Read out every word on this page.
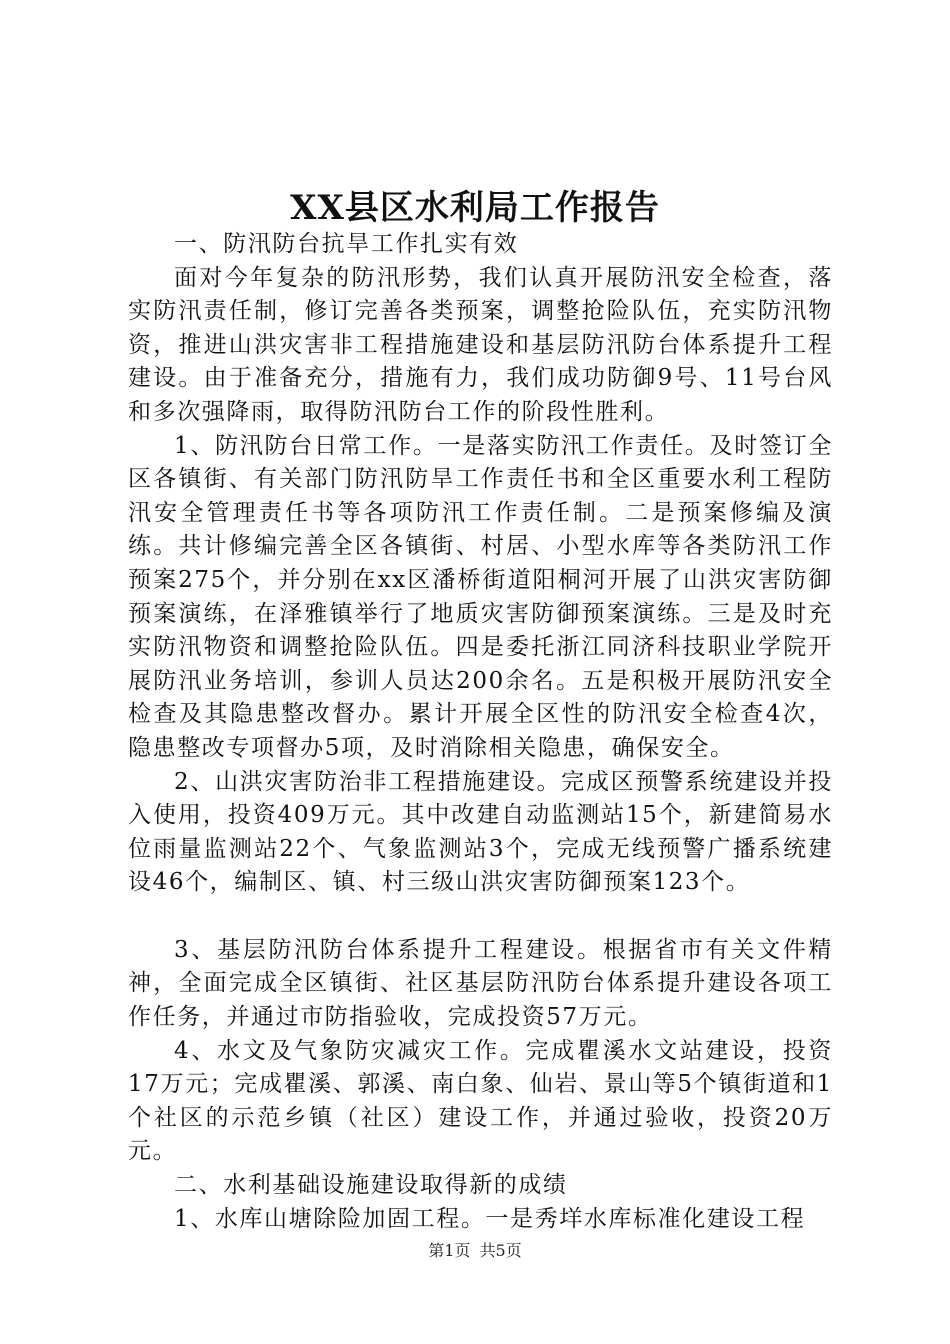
XX县区水利局工作报告

一、防汛防台抗旱工作扎实有效

面对今年复杂的防汛形势，我们认真开展防汛安全检查，落实防汛责任制，修订完善各类预案，调整抢险队伍，充实防汛物资，推进山洪灾害非工程措施建设和基层防汛防台体系提升工程建设。由于准备充分，措施有力，我们成功防御9号、11号台风和多次强降雨，取得防汛防台工作的阶段性胜利。

1、防汛防台日常工作。一是落实防汛工作责任。及时签订全区各镇街、有关部门防汛防旱工作责任书和全区重要水利工程防汛安全管理责任书等各项防汛工作责任制。二是预案修编及演练。共计修编完善全区各镇街、村居、小型水库等各类防汛工作预案275个，并分别在xx区潘桥街道阳桐河开展了山洪灾害防御预案演练，在泽雅镇举行了地质灾害防御预案演练。三是及时充实防汛物资和调整抢险队伍。四是委托浙江同济科技职业学院开展防汛业务培训，参训人员达200余名。五是积极开展防汛安全检查及其隐患整改督办。累计开展全区性的防汛安全检查4次，隐患整改专项督办5项，及时消除相关隐患，确保安全。

2、山洪灾害防治非工程措施建设。完成区预警系统建设并投入使用，投资409万元。其中改建自动监测站15个，新建简易水位雨量监测站22个、气象监测站3个，完成无线预警广播系统建设46个，编制区、镇、村三级山洪灾害防御预案123个。

3、基层防汛防台体系提升工程建设。根据省市有关文件精神，全面完成全区镇街、社区基层防汛防台体系提升建设各项工作任务，并通过市防指验收，完成投资57万元。

4、水文及气象防灾减灾工作。完成瞿溪水文站建设，投资17万元；完成瞿溪、郭溪、南白象、仙岩、景山等5个镇街道和1个社区的示范乡镇（社区）建设工作，并通过验收，投资20万元。

二、水利基础设施建设取得新的成绩

1、水库山塘除险加固工程。一是秀垟水库标准化建设工程

第1页 共5页
